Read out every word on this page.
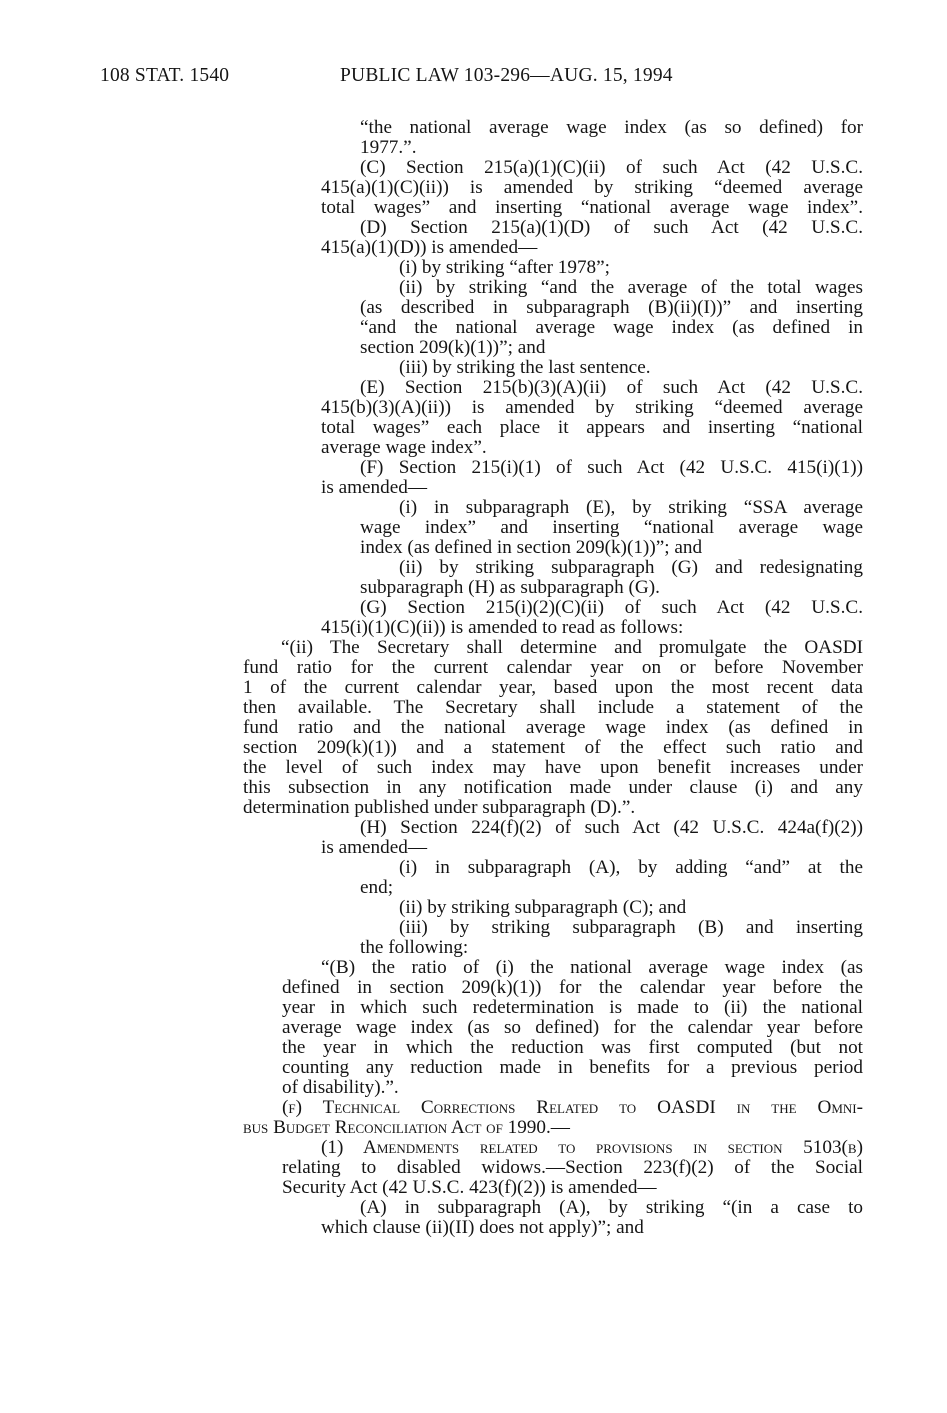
108 STAT. 1540	PUBLIC LAW 103-296—AUG. 15, 1994
“the national average wage index (as so defined) for
1977.”.
(C) Section 215(a)(1)(C)(ii) of such Act (42 U.S.C.
415(a)(1)(C)(ii)) is amended by striking “deemed average
total wages” and inserting “national average wage index”.
(D) Section 215(a)(1)(D) of such Act (42 U.S.C.
415(a)(1)(D)) is amended—
(i) by striking “after 1978”;
(ii) by striking “and the average of the total wages
(as described in subparagraph (B)(ii)(I))” and inserting
“and the national average wage index (as defined in
section 209(k)(1))”; and
(iii) by striking the last sentence.
(E) Section 215(b)(3)(A)(ii) of such Act (42 U.S.C.
415(b)(3)(A)(ii)) is amended by striking “deemed average
total wages” each place it appears and inserting “national
average wage index”.
(F) Section 215(i)(1) of such Act (42 U.S.C. 415(i)(1))
is amended—
(i) in subparagraph (E), by striking “SSA average
wage index” and inserting “national average wage
index (as defined in section 209(k)(1))”; and
(ii) by striking subparagraph (G) and redesignating
subparagraph (H) as subparagraph (G).
(G) Section 215(i)(2)(C)(ii) of such Act (42 U.S.C.
415(i)(1)(C)(ii)) is amended to read as follows:
“(ii) The Secretary shall determine and promulgate the OASDI
fund ratio for the current calendar year on or before November
1 of the current calendar year, based upon the most recent data
then available. The Secretary shall include a statement of the
fund ratio and the national average wage index (as defined in
section 209(k)(1)) and a statement of the effect such ratio and
the level of such index may have upon benefit increases under
this subsection in any notification made under clause (i) and any
determination published under subparagraph (D).”.
(H) Section 224(f)(2) of such Act (42 U.S.C. 424a(f)(2))
is amended—
(i) in subparagraph (A), by adding “and” at the
end;
(ii) by striking subparagraph (C); and
(iii) by striking subparagraph (B) and inserting
the following:
“(B) the ratio of (i) the national average wage index (as
defined in section 209(k)(1)) for the calendar year before the
year in which such redetermination is made to (ii) the national
average wage index (as so defined) for the calendar year before
the year in which the reduction was first computed (but not
counting any reduction made in benefits for a previous period
of disability).”.
(f) Technical Corrections Related to OASDI in the Omni-
bus Budget Reconciliation Act of 1990.—
(1) Amendments related to provisions in section 5103(b)
relating to disabled widows.—Section 223(f)(2) of the Social
Security Act (42 U.S.C. 423(f)(2)) is amended—
(A) in subparagraph (A), by striking “(in a case to
which clause (ii)(II) does not apply)”; and
